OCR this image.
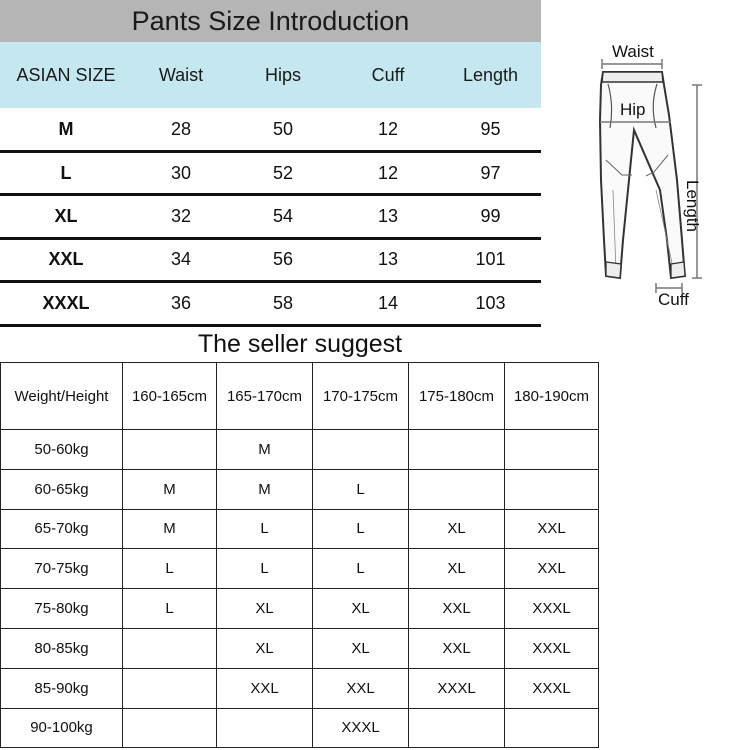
Pants Size Introduction
ASIAN SIZE	Waist	Hips	Cuff	Length
M	28	50	12	95
L	30	52	12	97
XL	32	54	13	99
XXL	34	56	13	101
XXXL	36	58	14	103
Waist
Hip
Length
Cuff
The seller suggest
Weight/Height	160-165cm	165-170cm	170-175cm	175-180cm	180-190cm
50-60kg		M			
60-65kg	M	M	L		
65-70kg	M	L	L	XL	XXL
70-75kg	L	L	L	XL	XXL
75-80kg	L	XL	XL	XXL	XXXL
80-85kg		XL	XL	XXL	XXXL
85-90kg		XXL	XXL	XXXL	XXXL
90-100kg			XXXL		
